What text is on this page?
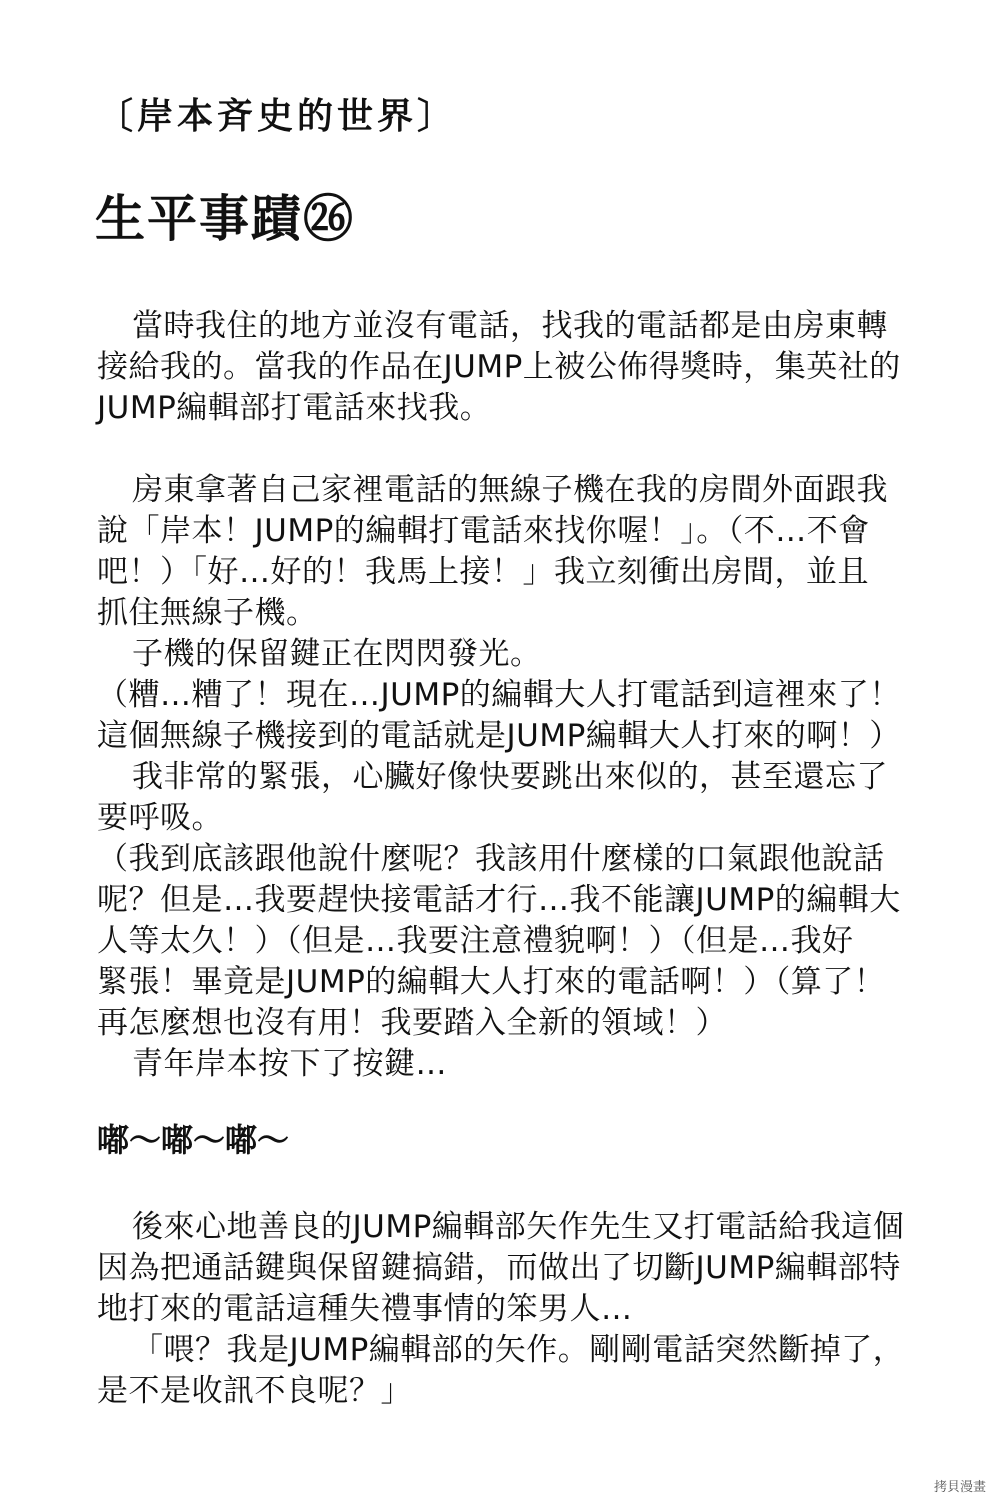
〔岸本斉史的世界〕
生平事蹟㉖

當時我住的地方並沒有電話，找我的電話都是由房東轉

接給我的。當我的作品在JUMP上被公佈得獎時，集英社的

JUMP編輯部打電話來找我。

房東拿著自己家裡電話的無線子機在我的房間外面跟我

說「岸本！JUMP的編輯打電話來找你喔！」。（不…不會

吧！）「好…好的！我馬上接！」我立刻衝出房間，並且

抓住無線子機。

子機的保留鍵正在閃閃發光。

（糟…糟了！現在…JUMP的編輯大人打電話到這裡來了！

這個無線子機接到的電話就是JUMP編輯大人打來的啊！）

我非常的緊張，心臟好像快要跳出來似的，甚至還忘了

要呼吸。

（我到底該跟他說什麼呢？我該用什麼樣的口氣跟他說話

呢？但是…我要趕快接電話才行…我不能讓JUMP的編輯大

人等太久！）（但是…我要注意禮貌啊！）（但是…我好

緊張！畢竟是JUMP的編輯大人打來的電話啊！）（算了！

再怎麼想也沒有用！我要踏入全新的領域！）

青年岸本按下了按鍵…

嘟～嘟～嘟～

後來心地善良的JUMP編輯部矢作先生又打電話給我這個

因為把通話鍵與保留鍵搞錯，而做出了切斷JUMP編輯部特

地打來的電話這種失禮事情的笨男人…

「喂？我是JUMP編輯部的矢作。剛剛電話突然斷掉了，

是不是收訊不良呢？」

拷貝漫畫
